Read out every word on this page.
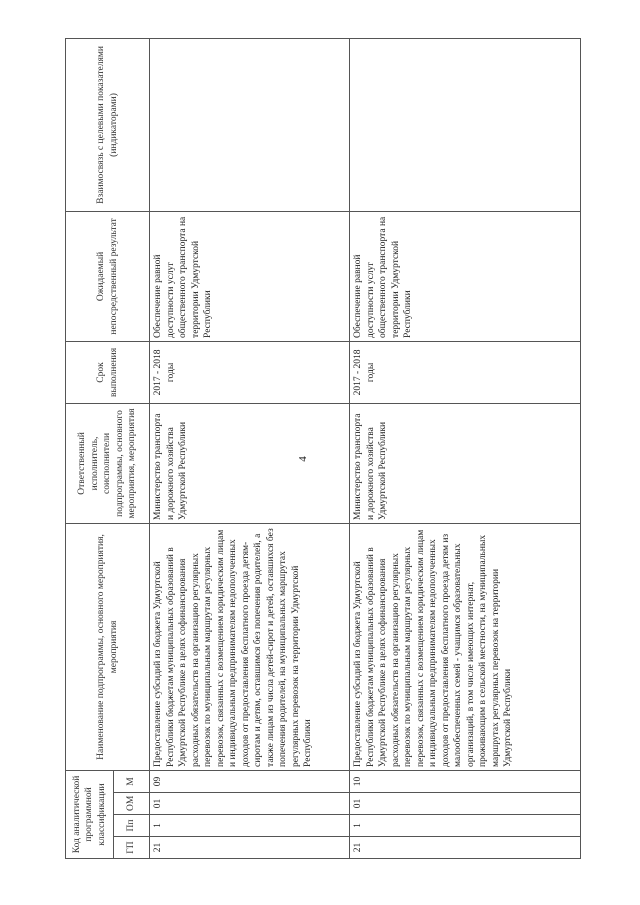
4
Код аналитической программной классификации				Наименование подпрограммы, основного мероприятия, мероприятия	Ответственный исполнитель, соисполнители подпрограммы, основного мероприятия, мероприятия	Срок выполнения	Ожидаемый непосредственный результат	Взаимосвязь с целевыми показателями (индикаторами)
ГП	Пп	ОМ	М					
21	1	01	09	Предоставление субсидий из бюджета Удмуртской Республики бюджетам муниципальных образований в Удмуртской Республике в целях софинансирования расходных обязательств на организацию регулярных перевозок по муниципальным маршрутам регулярных перевозок, связанных с возмещением юридическим лицам и индивидуальным предпринимателям недополученных доходов от предоставления бесплатного проезда детям-сиротам и детям, оставшимся без попечения родителей, а также лицам из числа детей-сирот и детей, оставшихся без попечения родителей, на муниципальных маршрутах регулярных перевозок на территории Удмуртской Республики	Министерство транспорта и дорожного хозяйства Удмуртской Республики	2017 - 2018 годы	Обеспечение равной доступности услуг общественного транспорта на территории Удмуртской Республики	
21	1	01	10	Предоставление субсидий из бюджета Удмуртской Республики бюджетам муниципальных образований в Удмуртской Республике в целях софинансирования расходных обязательств на организацию регулярных перевозок по муниципальным маршрутам регулярных перевозок, связанных с возмещением юридическим лицам и индивидуальным предпринимателям недополученных доходов от предоставления бесплатного проезда детям из малообеспеченных семей - учащимся образовательных организаций, в том числе имеющих интернат, проживающим в сельской местности, на муниципальных маршрутах регулярных перевозок на территории Удмуртской Республики	Министерство транспорта и дорожного хозяйства Удмуртской Республики	2017 - 2018 годы	Обеспечение равной доступности услуг общественного транспорта на территории Удмуртской Республики	
